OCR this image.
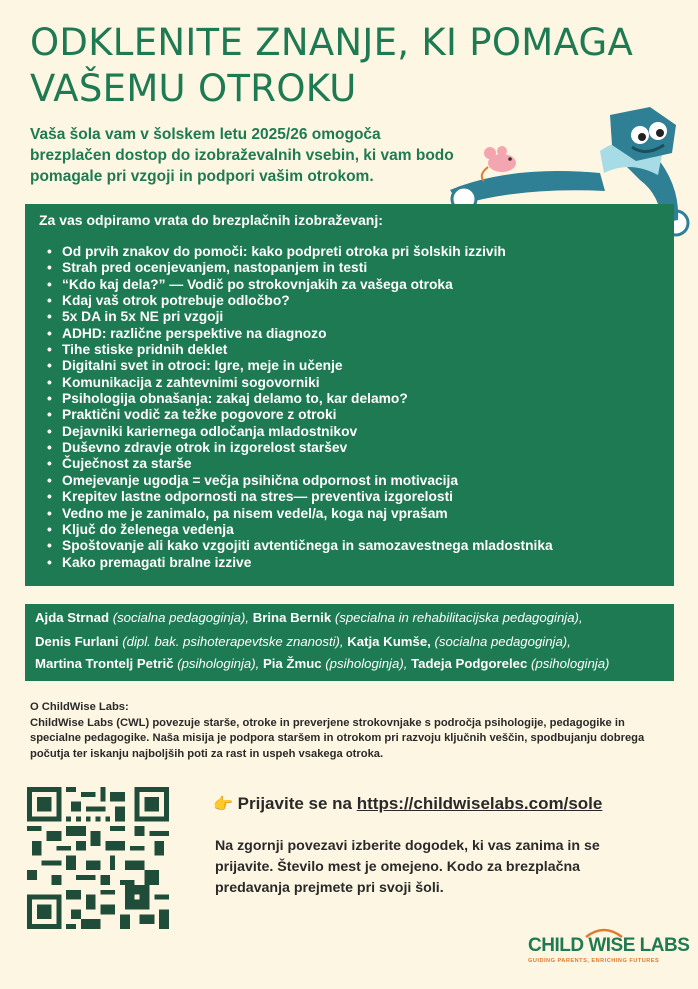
ODKLENITE ZNANJE, KI POMAGA
VAŠEMU OTROKU

Vaša šola vam v šolskem letu 2025/26 omogoča
brezplačen dostop do izobraževalnih vsebin, ki vam bodo
pomagale pri vzgoji in podpori vašim otrokom.

Za vas odpiramo vrata do brezplačnih izobraževanj:
• Od prvih znakov do pomoči: kako podpreti otroka pri šolskih izzivih
• Strah pred ocenjevanjem, nastopanjem in testi
• “Kdo kaj dela?” — Vodič po strokovnjakih za vašega otroka
• Kdaj vaš otrok potrebuje odločbo?
• 5x DA in 5x NE pri vzgoji
• ADHD: različne perspektive na diagnozo
• Tihe stiske pridnih deklet
• Digitalni svet in otroci: Igre, meje in učenje
• Komunikacija z zahtevnimi sogovorniki
• Psihologija obnašanja: zakaj delamo to, kar delamo?
• Praktični vodič za težke pogovore z otroki
• Dejavniki kariernega odločanja mladostnikov
• Duševno zdravje otrok in izgorelost staršev
• Čuječnost za starše
• Omejevanje ugodja = večja psihična odpornost in motivacija
• Krepitev lastne odpornosti na stres— preventiva izgorelosti
• Vedno me je zanimalo, pa nisem vedel/a, koga naj vprašam
• Ključ do želenega vedenja
• Spoštovanje ali kako vzgojiti avtentičnega in samozavestnega mladostnika
• Kako premagati bralne izzive
Ajda Strnad (socialna pedagoginja), Brina Bernik (specialna in rehabilitacijska pedagoginja),
Denis Furlani (dipl. bak. psihoterapevtske znanosti), Katja Kumše, (socialna pedagoginja),
Martina Trontelj Petrič (psihologinja), Pia Žmuc (psihologinja), Tadeja Podgorelec (psihologinja)
O ChildWise Labs:
ChildWise Labs (CWL) povezuje starše, otroke in preverjene strokovnjake s področja psihologije, pedagogike in
specialne pedagogike. Naša misija je podpora staršem in otrokom pri razvoju ključnih veščin, spodbujanju dobrega
počutja ter iskanju najboljših poti za rast in uspeh vsakega otroka.
👉 Prijavite se na https://childwiselabs.com/sole
Na zgornji povezavi izberite dogodek, ki vas zanima in se
prijavite. Število mest je omejeno. Kodo za brezplačna
predavanja prejmete pri svoji šoli.
CHILD WISE LABS
GUIDING PARENTS, ENRICHING FUTURES
